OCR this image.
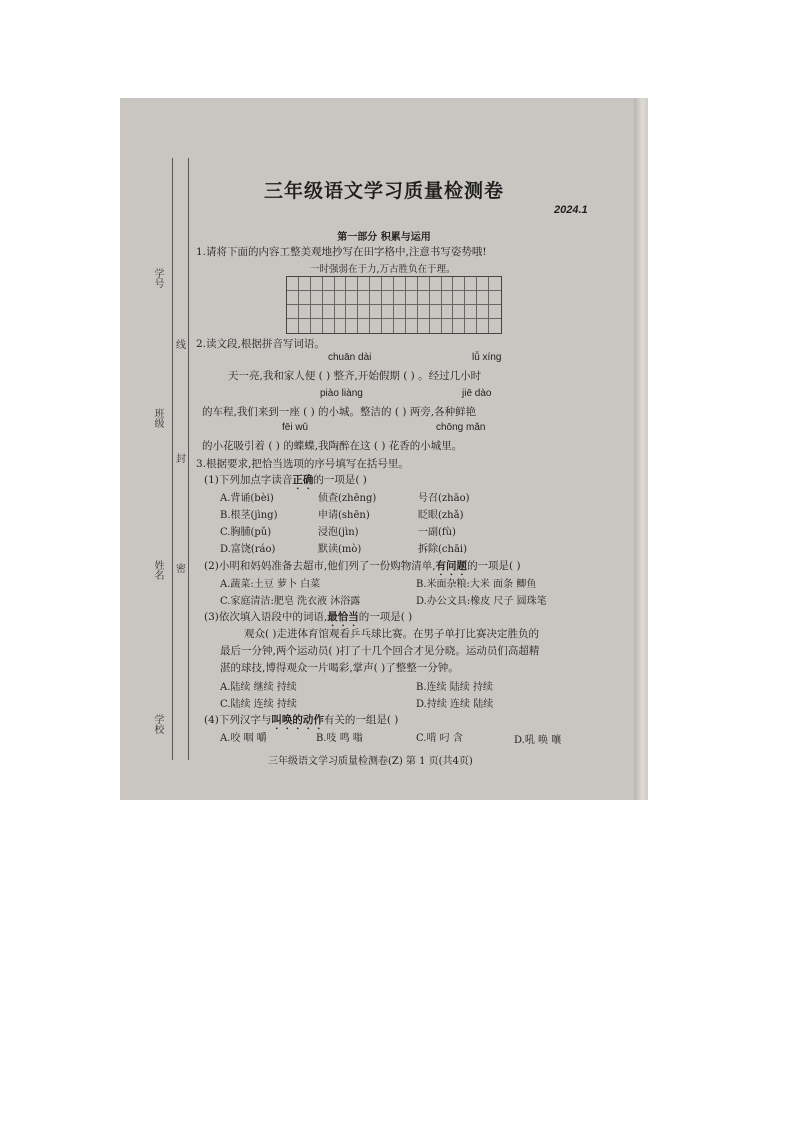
学号
班级
姓名
学校
线
封
密
三年级语文学习质量检测卷
2024.1
第一部分 积累与运用
1.请将下面的内容工整美观地抄写在田字格中,注意书写姿势哦!
一时强弱在于力,万古胜负在于理。
2.读文段,根据拼音写词语。
chuān dài	lǚ xíng
天一亮,我和家人便 ( ) 整齐,开始假期 ( ) 。经过几小时
piào liàng	jiē dào
的车程,我们来到一座 ( ) 的小城。整洁的 ( ) 两旁,各种鲜艳
fēi wǔ	chōng mǎn
的小花吸引着 ( ) 的蝶蝶,我陶醉在这 ( ) 花香的小城里。
3.根据要求,把恰当选项的序号填写在括号里。
(1)下列加点字读音正确的一项是( )
A.背诵(bèi)	侦查(zhēng)	号召(zhāo)
B.根茎(jìng)	申请(shēn)	眨眼(zhǎ)
C.胸脯(pǔ)	浸泡(jìn)	一副(fù)
D.富饶(ráo)	默读(mò)	拆除(chāi)
(2)小明和妈妈准备去超市,他们列了一份购物清单,有问题的一项是( )
A.蔬菜:土豆 萝卜 白菜	B.米面杂粮:大米 面条 鲫鱼
C.家庭清洁:肥皂 洗衣液 沐浴露	D.办公文具:橡皮 尺子 圆珠笔
(3)依次填入语段中的词语,最恰当的一项是( )
观众( )走进体育馆观看乒乓球比赛。在男子单打比赛决定胜负的
最后一分钟,两个运动员( )打了十几个回合才见分晓。运动员们高超精
湛的球技,博得观众一片喝彩,掌声( )了整整一分钟。
A.陆续 继续 持续	B.连续 陆续 持续
C.陆续 连续 持续	D.持续 连续 陆续
(4)下列汉字与叫唤的动作有关的一组是( )
A.咬 咽 嚼	B.吱 鸣 嗡	C.啃 叼 含	D.吼 唤 嚷
三年级语文学习质量检测卷(Z) 第 1 页(共4页)
